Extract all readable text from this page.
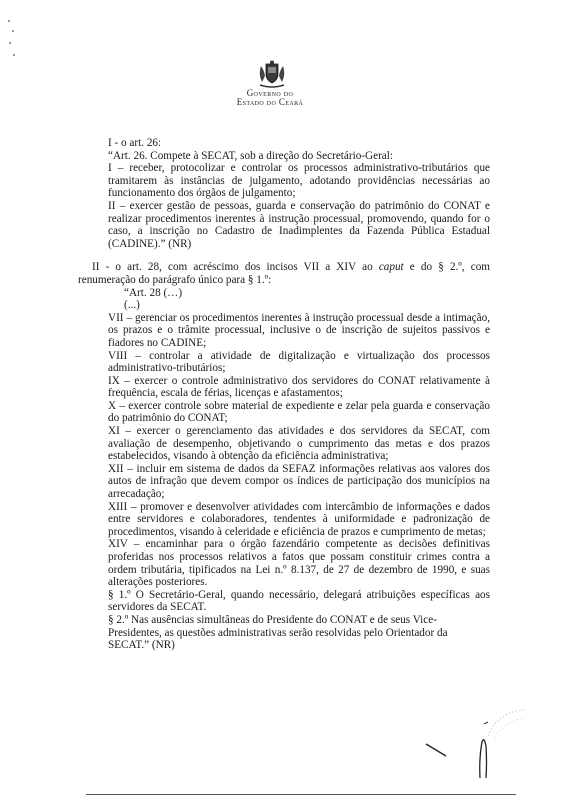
Governo do
Estado do Ceará

I - o art. 26:

“Art. 26. Compete à SECAT, sob a direção do Secretário-Geral:

I – receber, protocolizar e controlar os processos administrativo-tributários que tramitarem às instâncias de julgamento, adotando providências necessárias ao funcionamento dos órgãos de julgamento;

II – exercer gestão de pessoas, guarda e conservação do patrimônio do CONAT e realizar procedimentos inerentes à instrução processual, promovendo, quando for o caso, a inscrição no Cadastro de Inadimplentes da Fazenda Pública Estadual (CADINE).” (NR)

II - o art. 28, com acréscimo dos incisos VII a XIV ao caput e do § 2.º, com renumeração do parágrafo único para § 1.º:

“Art. 28 (…)

(...)

VII – gerenciar os procedimentos inerentes à instrução processual desde a intimação, os prazos e o trâmite processual, inclusive o de inscrição de sujeitos passivos e fiadores no CADINE;

VIII – controlar a atividade de digitalização e virtualização dos processos administrativo-tributários;

IX – exercer o controle administrativo dos servidores do CONAT relativamente à frequência, escala de férias, licenças e afastamentos;

X – exercer controle sobre material de expediente e zelar pela guarda e conservação do patrimônio do CONAT;

XI – exercer o gerenciamento das atividades e dos servidores da SECAT, com avaliação de desempenho, objetivando o cumprimento das metas e dos prazos estabelecidos, visando à obtenção da eficiência administrativa;

XII – incluir em sistema de dados da SEFAZ informações relativas aos valores dos autos de infração que devem compor os índices de participação dos municípios na arrecadação;

XIII – promover e desenvolver atividades com intercâmbio de informações e dados entre servidores e colaboradores, tendentes à uniformidade e padronização de procedimentos, visando à celeridade e eficiência de prazos e cumprimento de metas;

XIV – encaminhar para o órgão fazendário competente as decisões definitivas proferidas nos processos relativos a fatos que possam constituir crimes contra a ordem tributária, tipificados na Lei n.º 8.137, de 27 de dezembro de 1990, e suas alterações posteriores.

§ 1.º O Secretário-Geral, quando necessário, delegará atribuições específicas aos servidores da SECAT.

§ 2.º Nas ausências simultâneas do Presidente do CONAT e de seus Vice-Presidentes, as questões administrativas serão resolvidas pelo Orientador da SECAT.” (NR)
